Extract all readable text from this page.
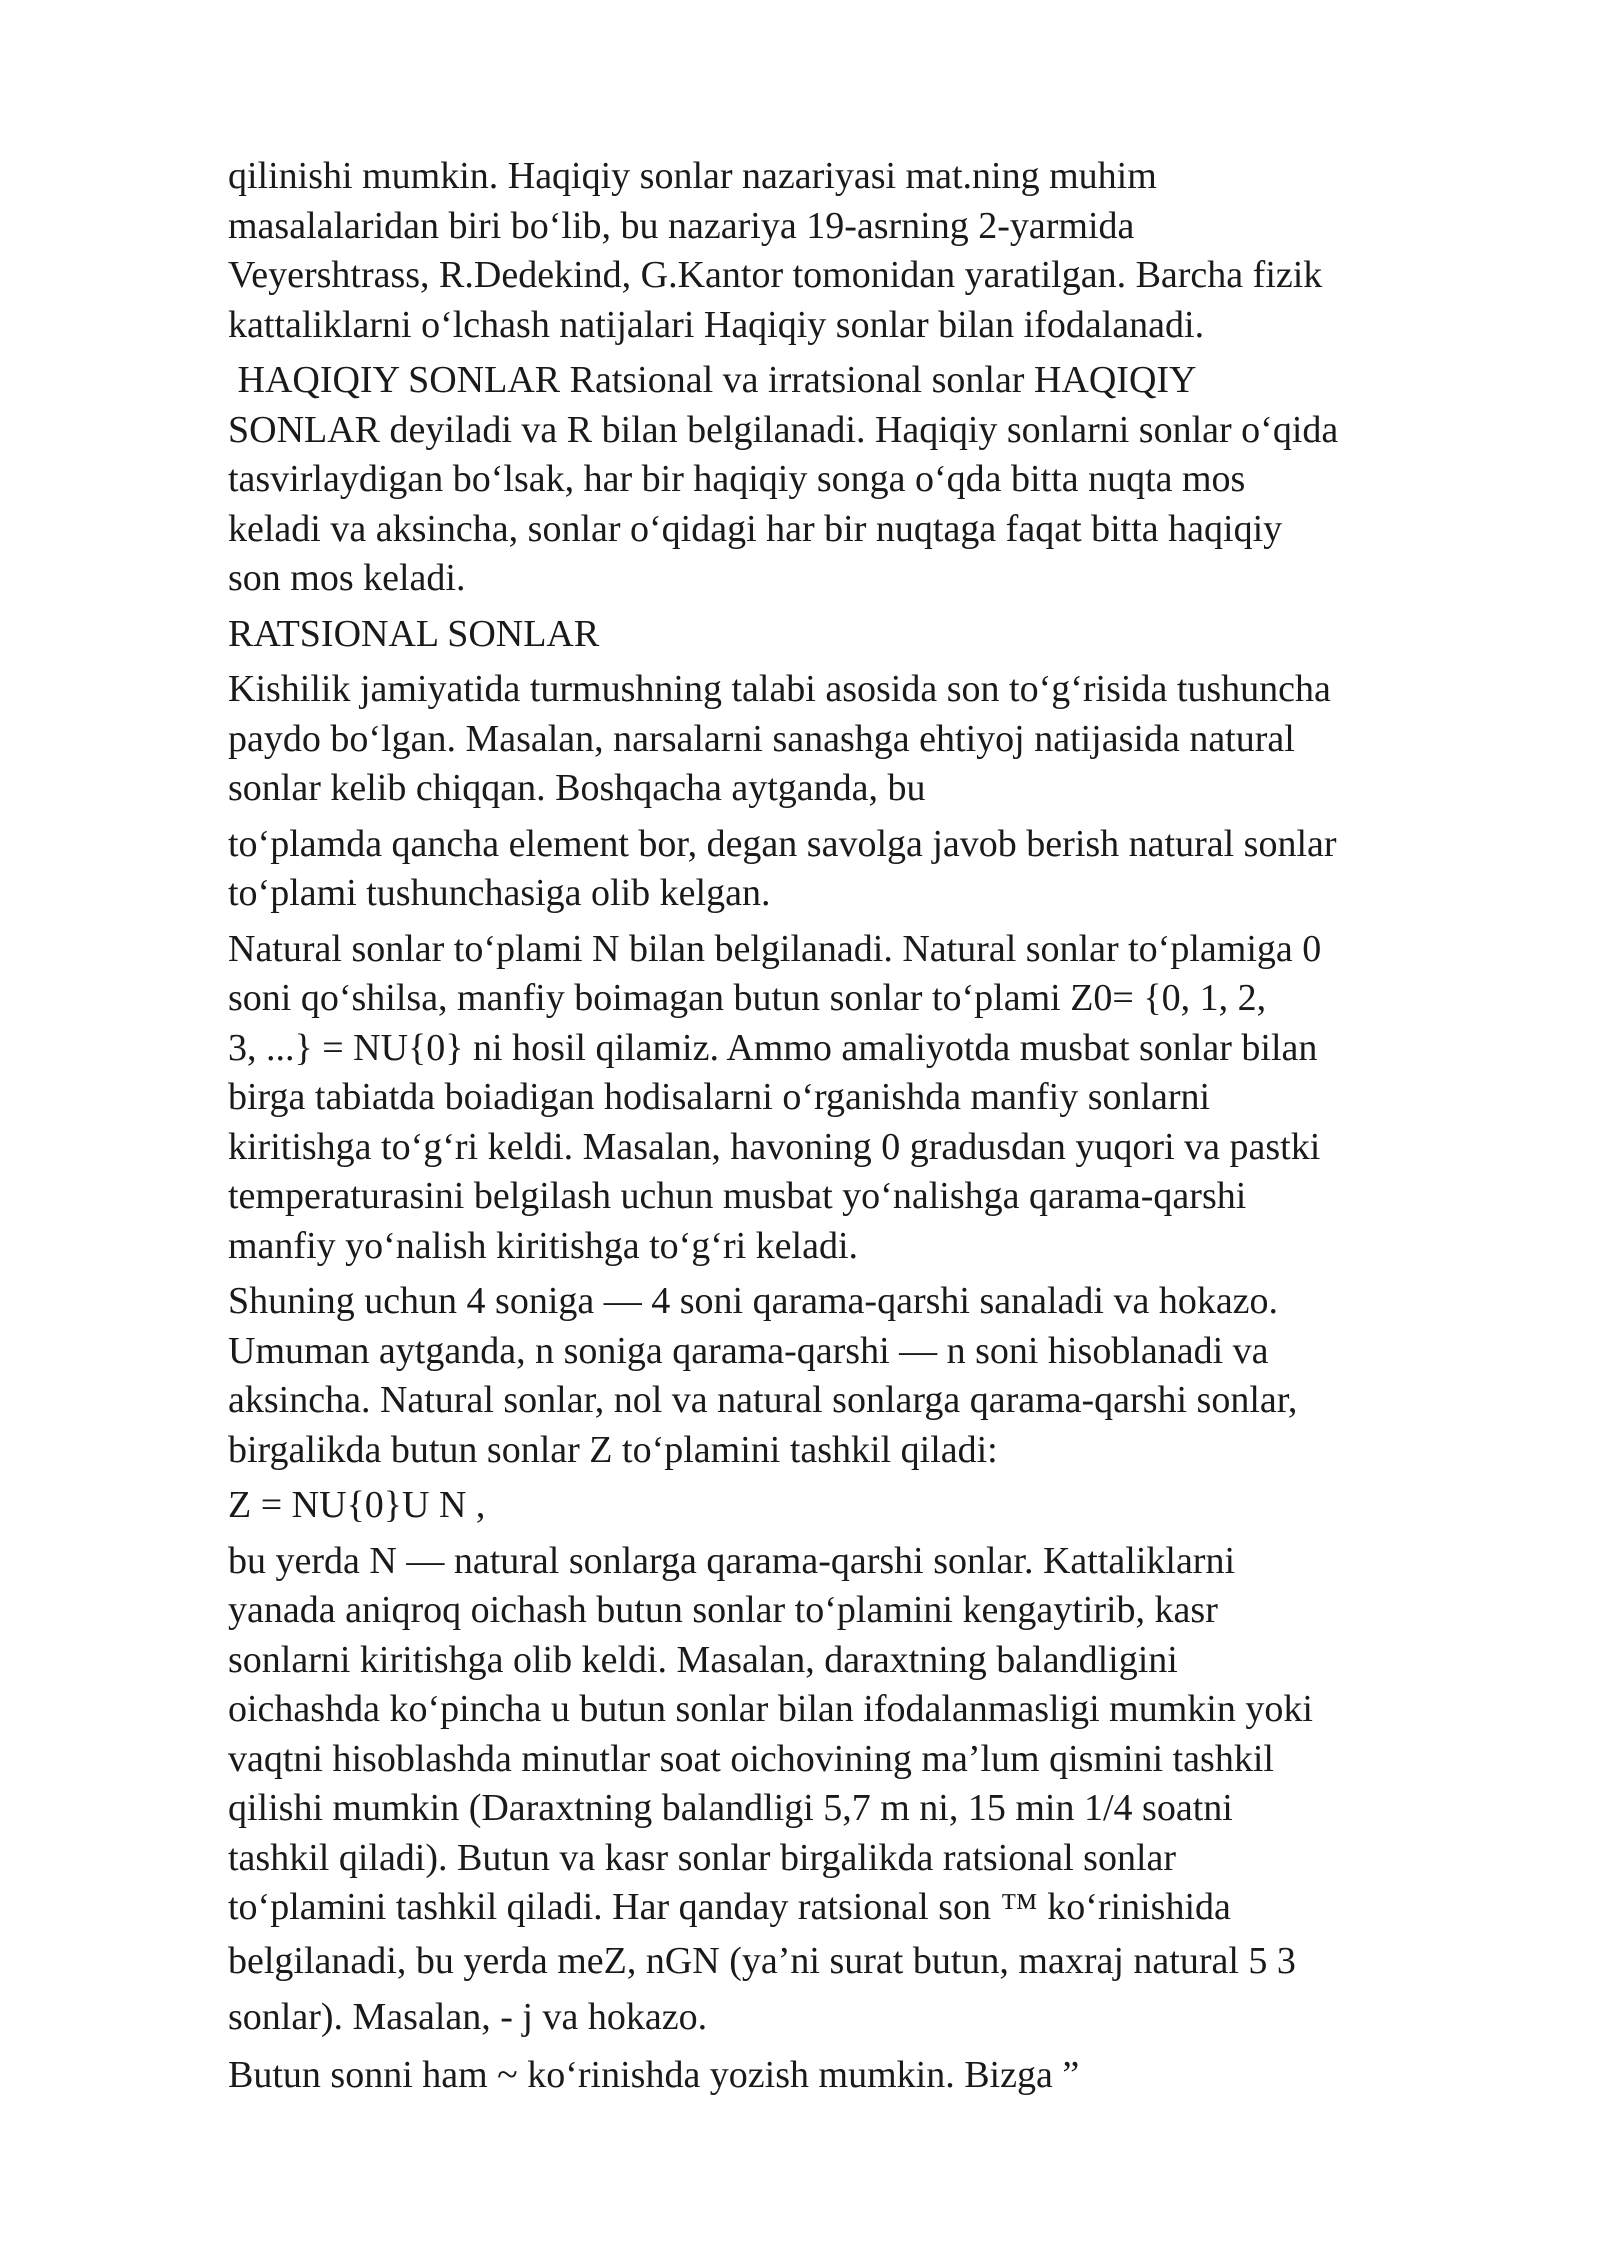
qilinishi mumkin. Haqiqiy sonlar nazariyasi mat.ning muhim
masalalaridan biri bo‘lib, bu nazariya 19-asrning 2-yarmida
Veyershtrass, R.Dedekind, G.Kantor tomonidan yaratilgan. Barcha fizik
kattaliklarni o‘lchash natijalari Haqiqiy sonlar bilan ifodalanadi.

HAQIQIY SONLAR Ratsional va irratsional sonlar HAQIQIY
SONLAR deyiladi va R bilan belgilanadi. Haqiqiy sonlarni sonlar o‘qida
tasvirlaydigan bo‘lsak, har bir haqiqiy songa o‘qda bitta nuqta mos
keladi va aksincha, sonlar o‘qidagi har bir nuqtaga faqat bitta haqiqiy
son mos keladi.

RATSIONAL SONLAR

Kishilik jamiyatida turmushning talabi asosida son to‘g‘risida tushuncha
paydo bo‘lgan. Masalan, narsalarni sanashga ehtiyoj natijasida natural
sonlar kelib chiqqan. Boshqacha aytganda, bu

to‘plamda qancha element bor, degan savolga javob berish natural sonlar
to‘plami tushunchasiga olib kelgan.

Natural sonlar to‘plami N bilan belgilanadi. Natural sonlar to‘plamiga 0
soni qo‘shilsa, manfiy boimagan butun sonlar to‘plami Z0= {0, 1, 2,
3, ...} = NU{0} ni hosil qilamiz. Ammo amaliyotda musbat sonlar bilan
birga tabiatda boiadigan hodisalarni o‘rganishda manfiy sonlarni
kiritishga to‘g‘ri keldi. Masalan, havoning 0 gradusdan yuqori va pastki
temperaturasini belgilash uchun musbat yo‘nalishga qarama-qarshi
manfiy yo‘nalish kiritishga to‘g‘ri keladi.

Shuning uchun 4 soniga — 4 soni qarama-qarshi sanaladi va hokazo.
Umuman aytganda, n soniga qarama-qarshi — n soni hisoblanadi va
aksincha. Natural sonlar, nol va natural sonlarga qarama-qarshi sonlar,
birgalikda butun sonlar Z to‘plamini tashkil qiladi:

Z = NU{0}U N ,

bu yerda N — natural sonlarga qarama-qarshi sonlar. Kattaliklarni
yanada aniqroq oichash butun sonlar to‘plamini kengaytirib, kasr
sonlarni kiritishga olib keldi. Masalan, daraxtning balandligini
oichashda ko‘pincha u butun sonlar bilan ifodalanmasligi mumkin yoki
vaqtni hisoblashda minutlar soat oichovining ma’lum qismini tashkil
qilishi mumkin (Daraxtning balandligi 5,7 m ni, 15 min 1/4 soatni
tashkil qiladi). Butun va kasr sonlar birgalikda ratsional sonlar
to‘plamini tashkil qiladi. Har qanday ratsional son ™ ko‘rinishida
belgilanadi, bu yerda meZ, nGN (ya’ni surat butun, maxraj natural 5 3
sonlar). Masalan, - j va hokazo.

Butun sonni ham ~ ko‘rinishda yozish mumkin. Bizga ”
